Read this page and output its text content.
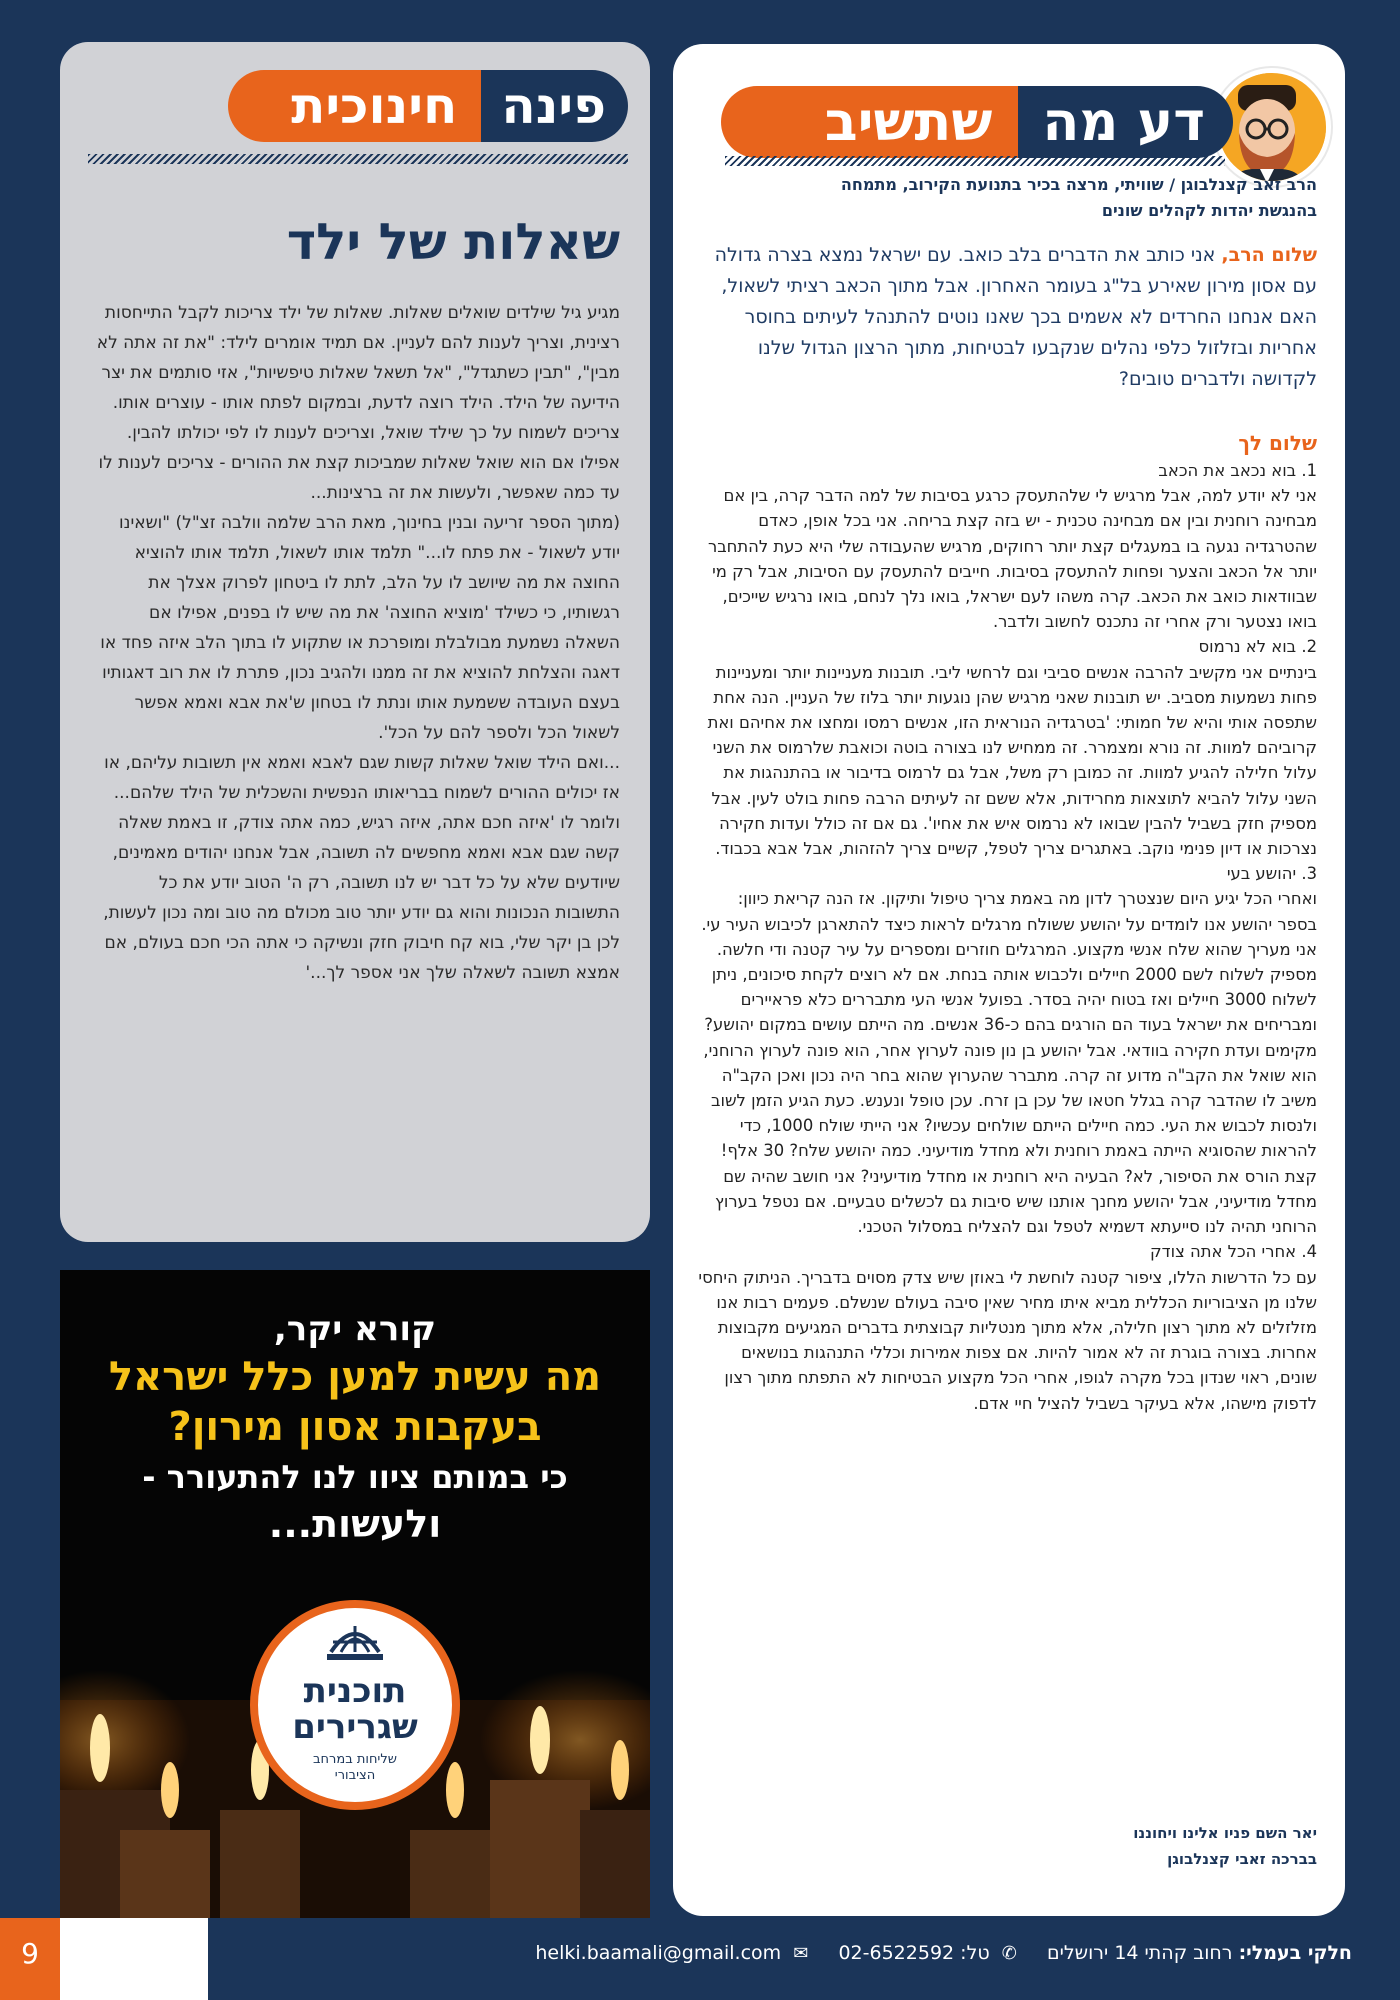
דע מה
שתשיב
הרב זאב קצנלבוגן / שוויתי, מרצה בכיר בתנועת הקירוב, מתמחה בהנגשת יהדות לקהלים שונים
שלום הרב, אני כותב את הדברים בלב כואב. עם ישראל נמצא בצרה גדולה עם אסון מירון שאירע בל"ג בעומר האחרון. אבל מתוך הכאב רציתי לשאול, האם אנחנו החרדים לא אשמים בכך שאנו נוטים להתנהל לעיתים בחוסר אחריות ובזלזול כלפי נהלים שנקבעו לבטיחות, מתוך הרצון הגדול שלנו לקדושה ולדברים טובים?
שלום לך

1. בוא נכאב את הכאב

אני לא יודע למה, אבל מרגיש לי שלהתעסק כרגע בסיבות של למה הדבר קרה, בין אם מבחינה רוחנית ובין אם מבחינה טכנית - יש בזה קצת בריחה. אני בכל אופן, כאדם שהטרגדיה נגעה בו במעגלים קצת יותר רחוקים, מרגיש שהעבודה שלי היא כעת להתחבר יותר אל הכאב והצער ופחות להתעסק בסיבות. חייבים להתעסק עם הסיבות, אבל רק מי שבוודאות כואב את הכאב. קרה משהו לעם ישראל, בואו נלך לנחם, בואו נרגיש שייכים, בואו נצטער ורק אחרי זה נתכנס לחשוב ולדבר.

2. בוא לא נרמוס

בינתיים אני מקשיב להרבה אנשים סביבי וגם לרחשי ליבי. תובנות מעניינות יותר ומעניינות פחות נשמעות מסביב. יש תובנות שאני מרגיש שהן נוגעות יותר בלוז של העניין. הנה אחת שתפסה אותי והיא של חמותי: 'בטרגדיה הנוראית הזו, אנשים רמסו ומחצו את אחיהם ואת קרוביהם למוות. זה נורא ומצמרר. זה ממחיש לנו בצורה בוטה וכואבת שלרמוס את השני עלול חלילה להגיע למוות. זה כמובן רק משל, אבל גם לרמוס בדיבור או בהתנהגות את השני עלול להביא לתוצאות מחרידות, אלא ששם זה לעיתים הרבה פחות בולט לעין. אבל מספיק חזק בשביל להבין שבואו לא נרמוס איש את אחיו'. גם אם זה כולל ועדות חקירה נצרכות או דיון פנימי נוקב. באתגרים צריך לטפל, קשיים צריך להזהות, אבל אבא בכבוד.

3. יהושע בעי

ואחרי הכל יגיע היום שנצטרך לדון מה באמת צריך טיפול ותיקון. אז הנה קריאת כיוון: בספר יהושע אנו לומדים על יהושע ששולח מרגלים לראות כיצד להתארגן לכיבוש העיר עי. אני מעריך שהוא שלח אנשי מקצוע. המרגלים חוזרים ומספרים על עיר קטנה ודי חלשה. מספיק לשלוח לשם 2000 חיילים ולכבוש אותה בנחת. אם לא רוצים לקחת סיכונים, ניתן לשלוח 3000 חיילים ואז בטוח יהיה בסדר. בפועל אנשי העי מתבררים כלא פראיירים ומבריחים את ישראל בעוד הם הורגים בהם כ-36 אנשים. מה הייתם עושים במקום יהושע? מקימים ועדת חקירה בוודאי. אבל יהושע בן נון פונה לערוץ אחר, הוא פונה לערוץ הרוחני, הוא שואל את הקב"ה מדוע זה קרה. מתברר שהערוץ שהוא בחר היה נכון ואכן הקב"ה משיב לו שהדבר קרה בגלל חטאו של עכן בן זרח. עכן טופל ונענש. כעת הגיע הזמן לשוב ולנסות לכבוש את העי. כמה חיילים הייתם שולחים עכשיו? אני הייתי שולח 1000, כדי להראות שהסוגיא הייתה באמת רוחנית ולא מחדל מודיעיני. כמה יהושע שלח? 30 אלף! קצת הורס את הסיפור, לא? הבעיה היא רוחנית או מחדל מודיעיני? אני חושב שהיה שם מחדל מודיעיני, אבל יהושע מחנך אותנו שיש סיבות גם לכשלים טבעיים. אם נטפל בערוץ הרוחני תהיה לנו סייעתא דשמיא לטפל וגם להצליח במסלול הטכני.

4. אחרי הכל אתה צודק

עם כל הדרשות הללו, ציפור קטנה לוחשת לי באוזן שיש צדק מסוים בדבריך. הניתוק היחסי שלנו מן הציבוריות הכללית מביא איתו מחיר שאין סיבה בעולם שנשלם. פעמים רבות אנו מזלזלים לא מתוך רצון חלילה, אלא מתוך מנטליות קבוצתית בדברים המגיעים מקבוצות אחרות. בצורה בוגרת זה לא אמור להיות. אם צפות אמירות וכללי התנהגות בנושאים שונים, ראוי שנדון בכל מקרה לגופו, אחרי הכל מקצוע הבטיחות לא התפתח מתוך רצון לדפוק מישהו, אלא בעיקר בשביל להציל חיי אדם.

יאר השם פניו אלינו ויחוננו
בברכה זאבי קצנלבוגן
פינה
חינוכית
שאלות של ילד

מגיע גיל שילדים שואלים שאלות. שאלות של ילד צריכות לקבל התייחסות רצינית, וצריך לענות להם לעניין. אם תמיד אומרים לילד: "את זה אתה לא מבין", "תבין כשתגדל", "אל תשאל שאלות טיפשיות", אזי סותמים את יצר הידיעה של הילד. הילד רוצה לדעת, ובמקום לפתח אותו - עוצרים אותו.

צריכים לשמוח על כך שילד שואל, וצריכים לענות לו לפי יכולתו להבין. אפילו אם הוא שואל שאלות שמביכות קצת את ההורים - צריכים לענות לו עד כמה שאפשר, ולעשות את זה ברצינות...

(מתוך הספר זריעה ובנין בחינוך, מאת הרב שלמה וולבה זצ"ל) "ושאינו יודע לשאול - את פתח לו..." תלמד אותו לשאול, תלמד אותו להוציא החוצה את מה שיושב לו על הלב, לתת לו ביטחון לפרוק אצלך את רגשותיו, כי כשילד 'מוציא החוצה' את מה שיש לו בפנים, אפילו אם השאלה נשמעת מבולבלת ומופרכת או שתקוע לו בתוך הלב איזה פחד או דאגה והצלחת להוציא את זה ממנו ולהגיב נכון, פתרת לו את רוב דאגותיו בעצם העובדה ששמעת אותו ונתת לו בטחון ש'את אבא ואמא אפשר לשאול הכל ולספר להם על הכל'.

...ואם הילד שואל שאלות קשות שגם לאבא ואמא אין תשובות עליהם, או אז יכולים ההורים לשמוח בבריאותו הנפשית והשכלית של הילד שלהם... ולומר לו 'איזה חכם אתה, איזה רגיש, כמה אתה צודק, זו באמת שאלה קשה שגם אבא ואמא מחפשים לה תשובה, אבל אנחנו יהודים מאמינים, שיודעים שלא על כל דבר יש לנו תשובה, רק ה' הטוב יודע את כל התשובות הנכונות והוא גם יודע יותר טוב מכולם מה טוב ומה נכון לעשות, לכן בן יקר שלי, בוא קח חיבוק חזק ונשיקה כי אתה הכי חכם בעולם, אם אמצא תשובה לשאלה שלך אני אספר לך...'

קורא יקר,
מה עשית למען כלל ישראל בעקבות אסון מירון?
כי במותם ציוו לנו להתעורר -
ולעשות...
תוכנית
שגרירים
שליחות במרחב
הציבורי
9	חלקי בעמלי: רחוב קהתי 14 ירושלים    ✆ טל: 02-6522592    ✉ helki.baamali@gmail.com
